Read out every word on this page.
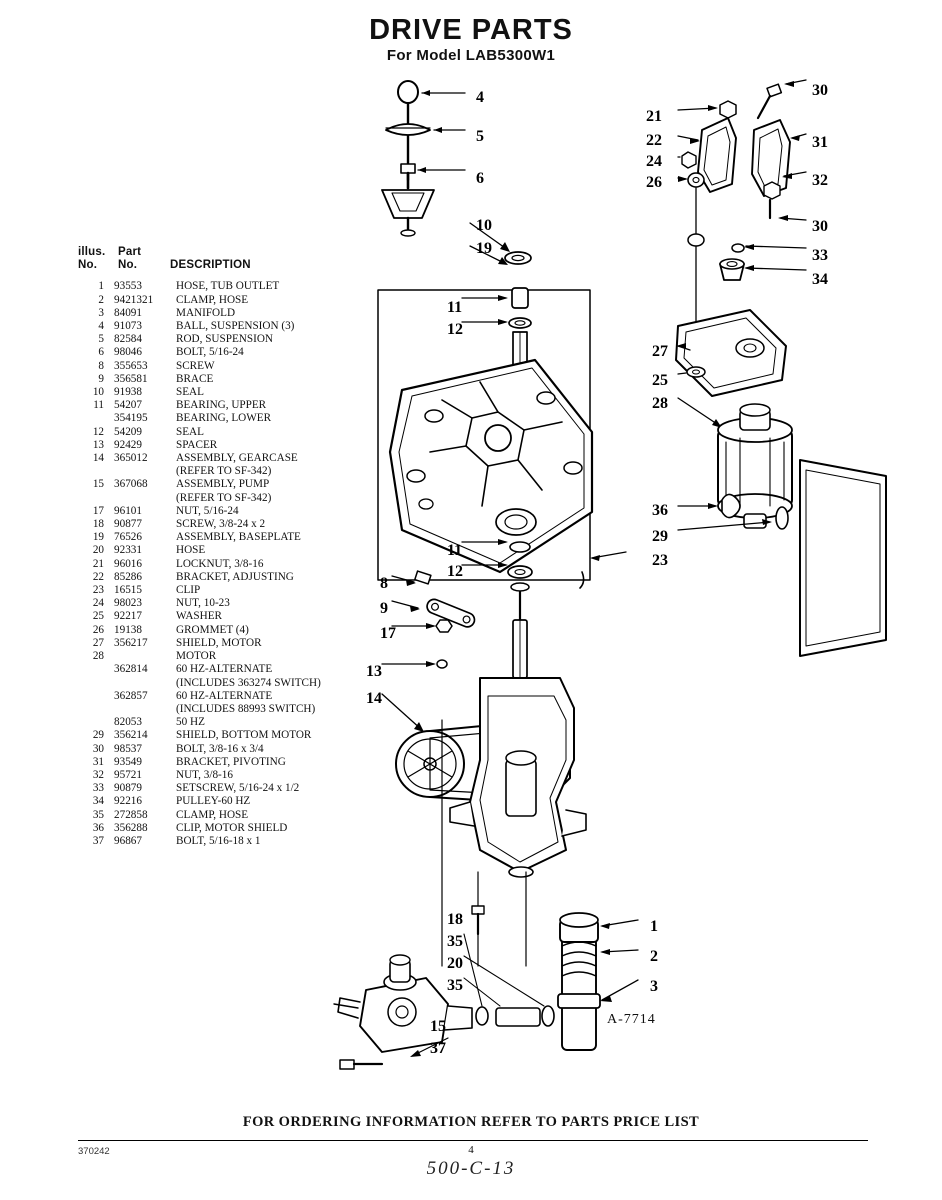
DRIVE PARTS
For Model LAB5300W1
illus. Part
No. No.	DESCRIPTION
1 93553	HOSE, TUB OUTLET
2 9421321 CLAMP, HOSE
3 84091	MANIFOLD
4 91073	BALL, SUSPENSION (3)
5 82584	ROD, SUSPENSION
6 98046	BOLT, 5/16-24
8 355653	SCREW
9 356581	BRACE
10 91938	SEAL
11 54207	BEARING, UPPER
354195	BEARING, LOWER
12 54209	SEAL
13 92429	SPACER
14 365012	ASSEMBLY, GEARCASE
(REFER TO SF-342)
15 367068	ASSEMBLY, PUMP
(REFER TO SF-342)
17 96101	NUT, 5/16-24
18 90877	SCREW, 3/8-24 x 2
19 76526	ASSEMBLY, BASEPLATE
20 92331	HOSE
21 96016	LOCKNUT, 3/8-16
22 85286	BRACKET, ADJUSTING
23 16515	CLIP
24 98023	NUT, 10-23
25 92217	WASHER
26 19138	GROMMET (4)
27 356217	SHIELD, MOTOR
28	MOTOR
362814	60 HZ-ALTERNATE
(INCLUDES 363274 SWITCH)
362857	60 HZ-ALTERNATE
(INCLUDES 88993 SWITCH)
82053	50 HZ
29 356214	SHIELD, BOTTOM MOTOR
30 98537	BOLT, 3/8-16 x 3/4
31 93549	BRACKET, PIVOTING
32 95721	NUT, 3/8-16
33 90879	SETSCREW, 5/16-24 x 1/2
34 92216	PULLEY-60 HZ
35 272858	CLAMP, HOSE
36 356288	CLIP, MOTOR SHIELD
37 96867	BOLT, 5/16-18 x 1
4
5
6
10
19
11
12
11
12
8
9
17
13
14
18
35
20
35
15
37
1
2
3
21
22
24
26
30
31
32
30
33
34
27
25
28
36
29
23
A-7714
FOR ORDERING INFORMATION REFER TO PARTS PRICE LIST
370242	4
500-C-13
